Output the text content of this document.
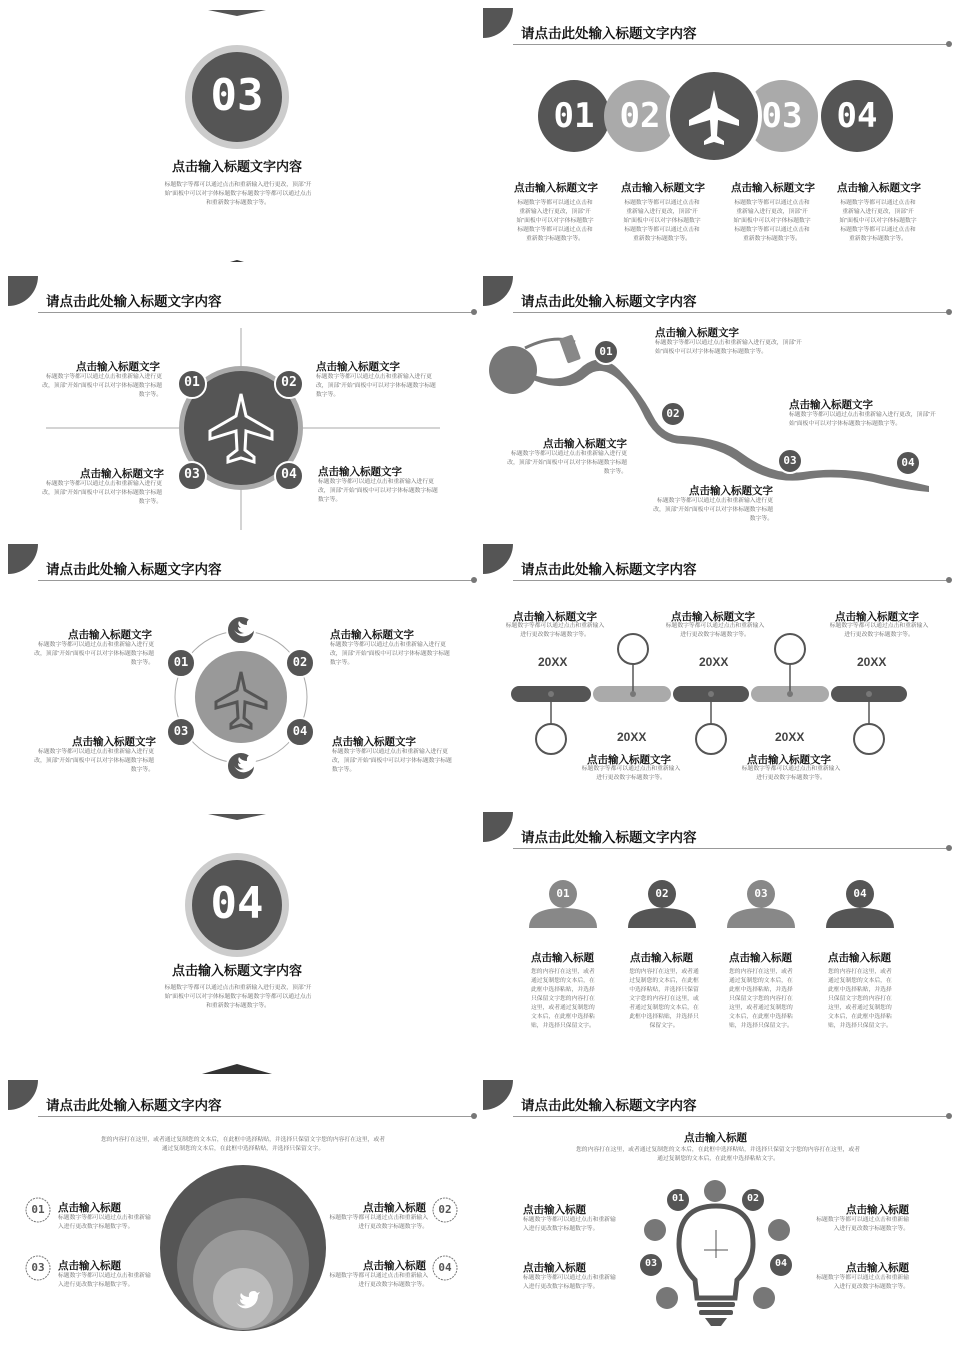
03
点击输入标题文字内容
标题数字等都可以通过点击和重新输入进行更改，顶部“开始”面板中可以对字体标题数字标题数字等都可以通过点击和重新数字标题数字等。
请点击此处输入标题文字内容
01 02	03 04
点击输入标题文字
标题数字等都可以通过点击和重新输入进行更改，顶部“开始”面板中可以对字体标题数字标题数字等都可以通过点击和重新数字标题数字等。
点击输入标题文字
标题数字等都可以通过点击和重新输入进行更改，顶部“开始”面板中可以对字体标题数字标题数字等都可以通过点击和重新数字标题数字等。
点击输入标题文字
标题数字等都可以通过点击和重新输入进行更改，顶部“开始”面板中可以对字体标题数字标题数字等都可以通过点击和重新数字标题数字等。
点击输入标题文字
标题数字等都可以通过点击和重新输入进行更改，顶部“开始”面板中可以对字体标题数字标题数字等都可以通过点击和重新数字标题数字等。
请点击此处输入标题文字内容
01	02
03	04
点击输入标题文字
标题数字等都可以通过点击和重新输入进行更改，顶部“开始”面板中可以对字体标题数字标题数字等。
点击输入标题文字
标题数字等都可以通过点击和重新输入进行更改，顶部“开始”面板中可以对字体标题数字标题数字等。
点击输入标题文字
标题数字等都可以通过点击和重新输入进行更改，顶部“开始”面板中可以对字体标题数字标题数字等。
点击输入标题文字
标题数字等都可以通过点击和重新输入进行更改，顶部“开始”面板中可以对字体标题数字标题数字等。
请点击此处输入标题文字内容
01
02
03	04
点击输入标题文字
标题数字等都可以通过点击和重新输入进行更改，顶部“开始”面板中可以对字体标题数字标题数字等。
点击输入标题文字
标题数字等都可以通过点击和重新输入进行更改，顶部“开始”面板中可以对字体标题数字标题数字等。
点击输入标题文字
标题数字等都可以通过点击和重新输入进行更改，顶部“开始”面板中可以对字体标题数字标题数字等。
点击输入标题文字
标题数字等都可以通过点击和重新输入进行更改，顶部“开始”面板中可以对字体标题数字标题数字等。
请点击此处输入标题文字内容
01	02
03	04
点击输入标题文字
标题数字等都可以通过点击和重新输入进行更改，顶部“开始”面板中可以对字体标题数字标题数字等。
点击输入标题文字
标题数字等都可以通过点击和重新输入进行更改，顶部“开始”面板中可以对字体标题数字标题数字等。
点击输入标题文字
标题数字等都可以通过点击和重新输入进行更改，顶部“开始”面板中可以对字体标题数字标题数字等。
点击输入标题文字
标题数字等都可以通过点击和重新输入进行更改，顶部“开始”面板中可以对字体标题数字标题数字等。
请点击此处输入标题文字内容
点击输入标题文字
标题数字等都可以通过点击和重新输入进行更改数字标题数字等。
20XX
点击输入标题文字
标题数字等都可以通过点击和重新输入进行更改数字标题数字等。
20XX
点击输入标题文字
标题数字等都可以通过点击和重新输入进行更改数字标题数字等。
20XX
20XX
点击输入标题文字
标题数字等都可以通过点击和重新输入进行更改数字标题数字等。
20XX
点击输入标题文字
标题数字等都可以通过点击和重新输入进行更改数字标题数字等。
04
点击输入标题文字内容
标题数字等都可以通过点击和重新输入进行更改，顶部“开始”面板中可以对字体标题数字标题数字等都可以通过点击和重新数字标题数字等。
请点击此处输入标题文字内容
01	02	03	04
点击输入标题
您的内容打在这里，或者通过复制您的文本后，在此框中选择粘贴，并选择只保留文字您的内容打在这里，或者通过复制您的文本后，在此框中选择粘贴，并选择只保留文字。
点击输入标题
您的内容打在这里，或者通过复制您的文本后，在此框中选择粘贴，并选择只保留文字您的内容打在这里，或者通过复制您的文本后，在此框中选择粘贴，并选择只保留文字。
点击输入标题
您的内容打在这里，或者通过复制您的文本后，在此框中选择粘贴，并选择只保留文字您的内容打在这里，或者通过复制您的文本后，在此框中选择粘贴，并选择只保留文字。
点击输入标题
您的内容打在这里，或者通过复制您的文本后，在此框中选择粘贴，并选择只保留文字您的内容打在这里，或者通过复制您的文本后，在此框中选择粘贴，并选择只保留文字。
请点击此处输入标题文字内容
您的内容打在这里，或者通过复制您的文本后，在此框中选择粘贴，并选择只保留文字您的内容打在这里，或者通过复制您的文本后，在此框中选择粘贴，并选择只保留文字。
01
03
02
04
点击输入标题
标题数字等都可以通过点击和重新输入进行更改数字标题数字等。
点击输入标题
标题数字等都可以通过点击和重新输入进行更改数字标题数字等。
点击输入标题
标题数字等都可以通过点击和重新输入进行更改数字标题数字等。
点击输入标题
标题数字等都可以通过点击和重新输入进行更改数字标题数字等。
请点击此处输入标题文字内容
点击输入标题
您的内容打在这里，或者通过复制您的文本后，在此框中选择粘贴，并选择只保留文字您的内容打在这里，或者通过复制您的文本后，在此框中选择粘贴文字。
01	02
03	04
点击输入标题
标题数字等都可以通过点击和重新输入进行更改数字标题数字等。
点击输入标题
标题数字等都可以通过点击和重新输入进行更改数字标题数字等。
点击输入标题
标题数字等都可以通过点击和重新输入进行更改数字标题数字等。
点击输入标题
标题数字等都可以通过点击和重新输入进行更改数字标题数字等。
